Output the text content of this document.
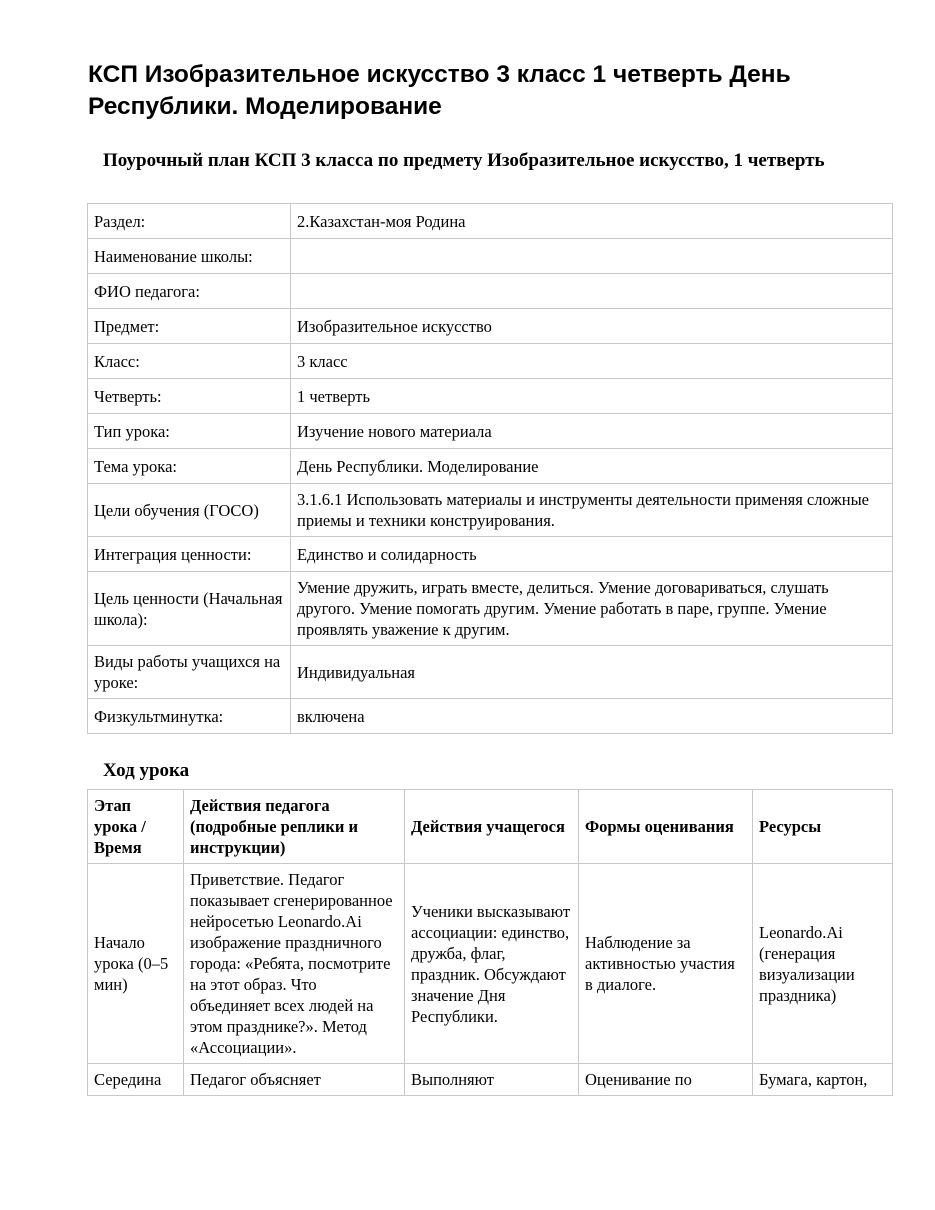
КСП Изобразительное искусство 3 класс 1 четверть День Республики. Моделирование
Поурочный план КСП 3 класса по предмету Изобразительное искусство, 1 четверть
Раздел:	2.Казахстан-моя Родина
Наименование школы:	
ФИО педагога:	
Предмет:	Изобразительное искусство
Класс:	3 класс
Четверть:	1 четверть
Тип урока:	Изучение нового материала
Тема урока:	День Республики. Моделирование
Цели обучения (ГОСО)	3.1.6.1 Использовать материалы и инструменты деятельности применяя сложные приемы и техники конструирования.
Интеграция ценности:	Единство и солидарность
Цель ценности (Начальная школа):	Умение дружить, играть вместе, делиться. Умение договариваться, слушать другого. Умение помогать другим. Умение работать в паре, группе. Умение проявлять уважение к другим.
Виды работы учащихся на уроке:	Индивидуальная
Физкультминутка:	включена
Ход урока
Этап урока / Время	Действия педагога (подробные реплики и инструкции)	Действия учащегося	Формы оценивания	Ресурсы
Начало урока (0–5 мин)	Приветствие. Педагог показывает сгенерированное нейросетью Leonardo.Ai изображение праздничного города: «Ребята, посмотрите на этот образ. Что объединяет всех людей на этом празднике?». Метод «Ассоциации».	Ученики высказывают ассоциации: единство, дружба, флаг, праздник. Обсуждают значение Дня Республики.	Наблюдение за активностью участия в диалоге.	Leonardo.Ai (генерация визуализации праздника)
Середина	Педагог объясняет	Выполняют	Оценивание по	Бумага, картон,
